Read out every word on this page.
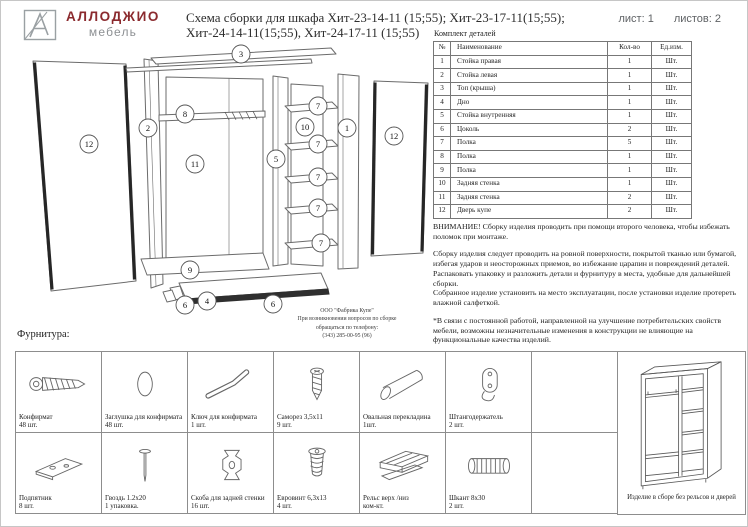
АЛЛОДЖИО
мебель
Схема сборки для шкафа Хит-23-14-11 (15;55); Хит-23-17-11(15;55);
Хит-24-14-11(15;55), Хит-24-17-11 (15;55)
лист: 1 листов: 2
12
2
8
11
9
3
5
10
7
7
7
7
7
1
12
6 4	6
ООО "Фабрика Купе"
При возникновении вопросов по сборке
обращаться по телефону:
(343) 285-00-95 (96)
Комплект деталей
№	Наименование	Кол-во	Ед.изм.
1	Стойка правая	1	Шт.
2	Стойка левая	1	Шт.
3	Топ (крыша)	1	Шт.
4	Дно	1	Шт.
5	Стойка внутренняя	1	Шт.
6	Цоколь	2	Шт.
7	Полка	5	Шт.
8	Полка	1	Шт.
9	Полка	1	Шт.
10	Задняя стенка	1	Шт.
11	Задняя стенка	2	Шт.
12	Дверь купе	2	Шт.

ВНИМАНИЕ! Сборку изделия проводить при помощи второго человека, чтобы избежать поломок при монтаже.

Сборку изделия следует проводить на ровной поверхности, покрытой тканью или бумагой, избегая ударов и неосторожных приемов, во избежание царапин и повреждений деталей.
Распаковать упаковку и разложить детали и фурнитуру в места, удобные для дальнейшей сборки.
Собранное изделие установить на место эксплуатации, после установки изделие протереть влажной салфеткой.

*В связи с постоянной работой, направленной на улучшение потребительских свойств мебели, возможны незначительные изменения в конструкции не влияющие на функциональные качества изделий.

Фурнитура:
Конфирмат
48 шт.
Заглушка для конфирмата
48 шт.
Ключ для конфирмата
1 шт.
Саморез 3,5х11
9 шт.
Овальная перекладина
1шт.
Штангодержатель
2 шт.
Подпятник
8 шт.
Гвоздь 1.2х20
1 упаковка.
Скоба для задней стенки
16 шт.
Евровинт 6,3х13
4 шт.
Рельс верх /низ
ком-кт.
Шкант 8х30
2 шт.
Изделие в сборе без рельсов и дверей
